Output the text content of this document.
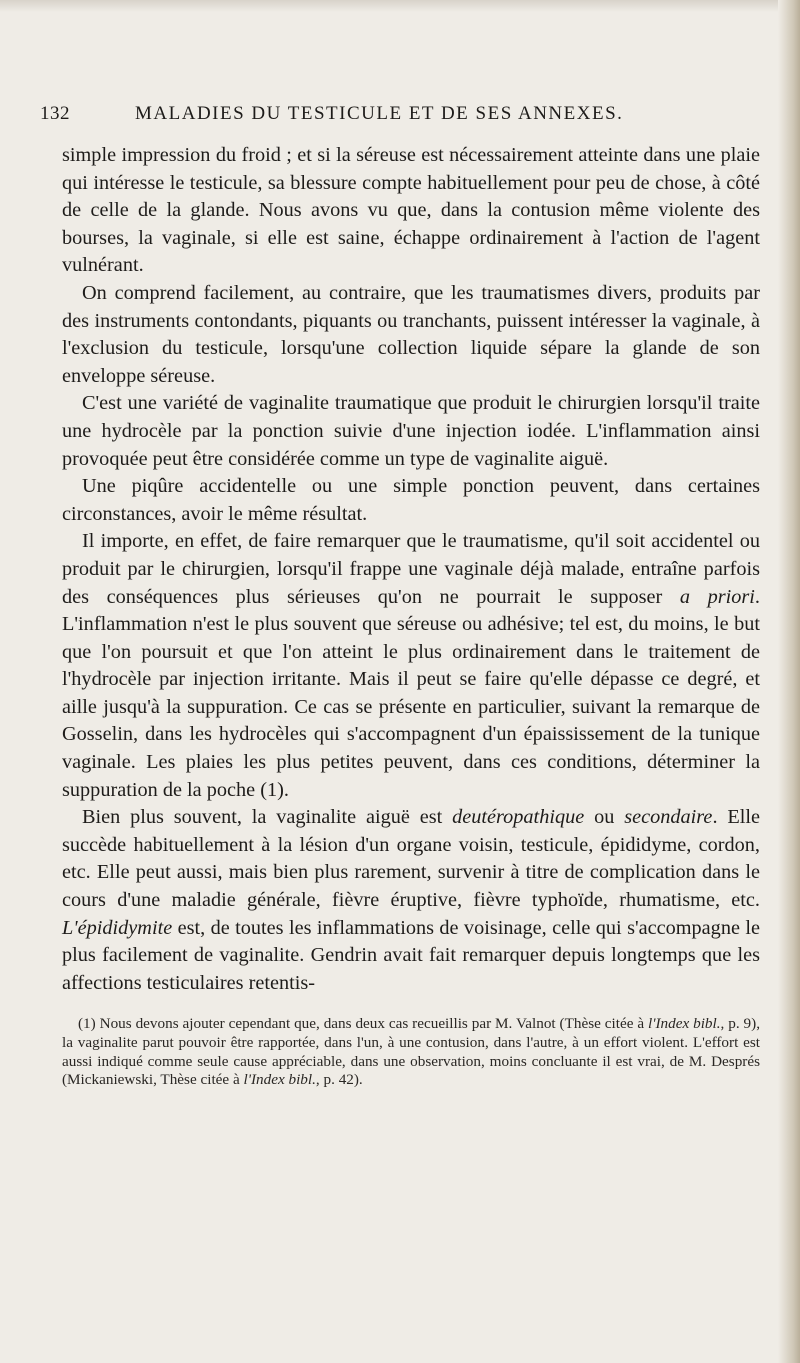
132	MALADIES DU TESTICULE ET DE SES ANNEXES.

simple impression du froid ; et si la séreuse est nécessairement atteinte dans une plaie qui intéresse le testicule, sa blessure compte habituellement pour peu de chose, à côté de celle de la glande. Nous avons vu que, dans la contusion même violente des bourses, la vaginale, si elle est saine, échappe ordinairement à l'action de l'agent vulnérant.

On comprend facilement, au contraire, que les traumatismes divers, produits par des instruments contondants, piquants ou tranchants, puissent intéresser la vaginale, à l'exclusion du testicule, lorsqu'une collection liquide sépare la glande de son enveloppe séreuse.

C'est une variété de vaginalite traumatique que produit le chirurgien lorsqu'il traite une hydrocèle par la ponction suivie d'une injection iodée. L'inflammation ainsi provoquée peut être considérée comme un type de vaginalite aiguë.

Une piqûre accidentelle ou une simple ponction peuvent, dans certaines circonstances, avoir le même résultat.

Il importe, en effet, de faire remarquer que le traumatisme, qu'il soit accidentel ou produit par le chirurgien, lorsqu'il frappe une vaginale déjà malade, entraîne parfois des conséquences plus sérieuses qu'on ne pourrait le supposer a priori. L'inflammation n'est le plus souvent que séreuse ou adhésive; tel est, du moins, le but que l'on poursuit et que l'on atteint le plus ordinairement dans le traitement de l'hydrocèle par injection irritante. Mais il peut se faire qu'elle dépasse ce degré, et aille jusqu'à la suppuration. Ce cas se présente en particulier, suivant la remarque de Gosselin, dans les hydrocèles qui s'accompagnent d'un épaississement de la tunique vaginale. Les plaies les plus petites peuvent, dans ces conditions, déterminer la suppuration de la poche (1).

Bien plus souvent, la vaginalite aiguë est deutéropathique ou secondaire. Elle succède habituellement à la lésion d'un organe voisin, testicule, épididyme, cordon, etc. Elle peut aussi, mais bien plus rarement, survenir à titre de complication dans le cours d'une maladie générale, fièvre éruptive, fièvre typhoïde, rhumatisme, etc. L'épididymite est, de toutes les inflammations de voisinage, celle qui s'accompagne le plus facilement de vaginalite. Gendrin avait fait remarquer depuis longtemps que les affections testiculaires retentis-

(1) Nous devons ajouter cependant que, dans deux cas recueillis par M. Valnot (Thèse citée à l'Index bibl., p. 9), la vaginalite parut pouvoir être rapportée, dans l'un, à une contusion, dans l'autre, à un effort violent. L'effort est aussi indiqué comme seule cause appréciable, dans une observation, moins concluante il est vrai, de M. Després (Mickaniewski, Thèse citée à l'Index bibl., p. 42).
